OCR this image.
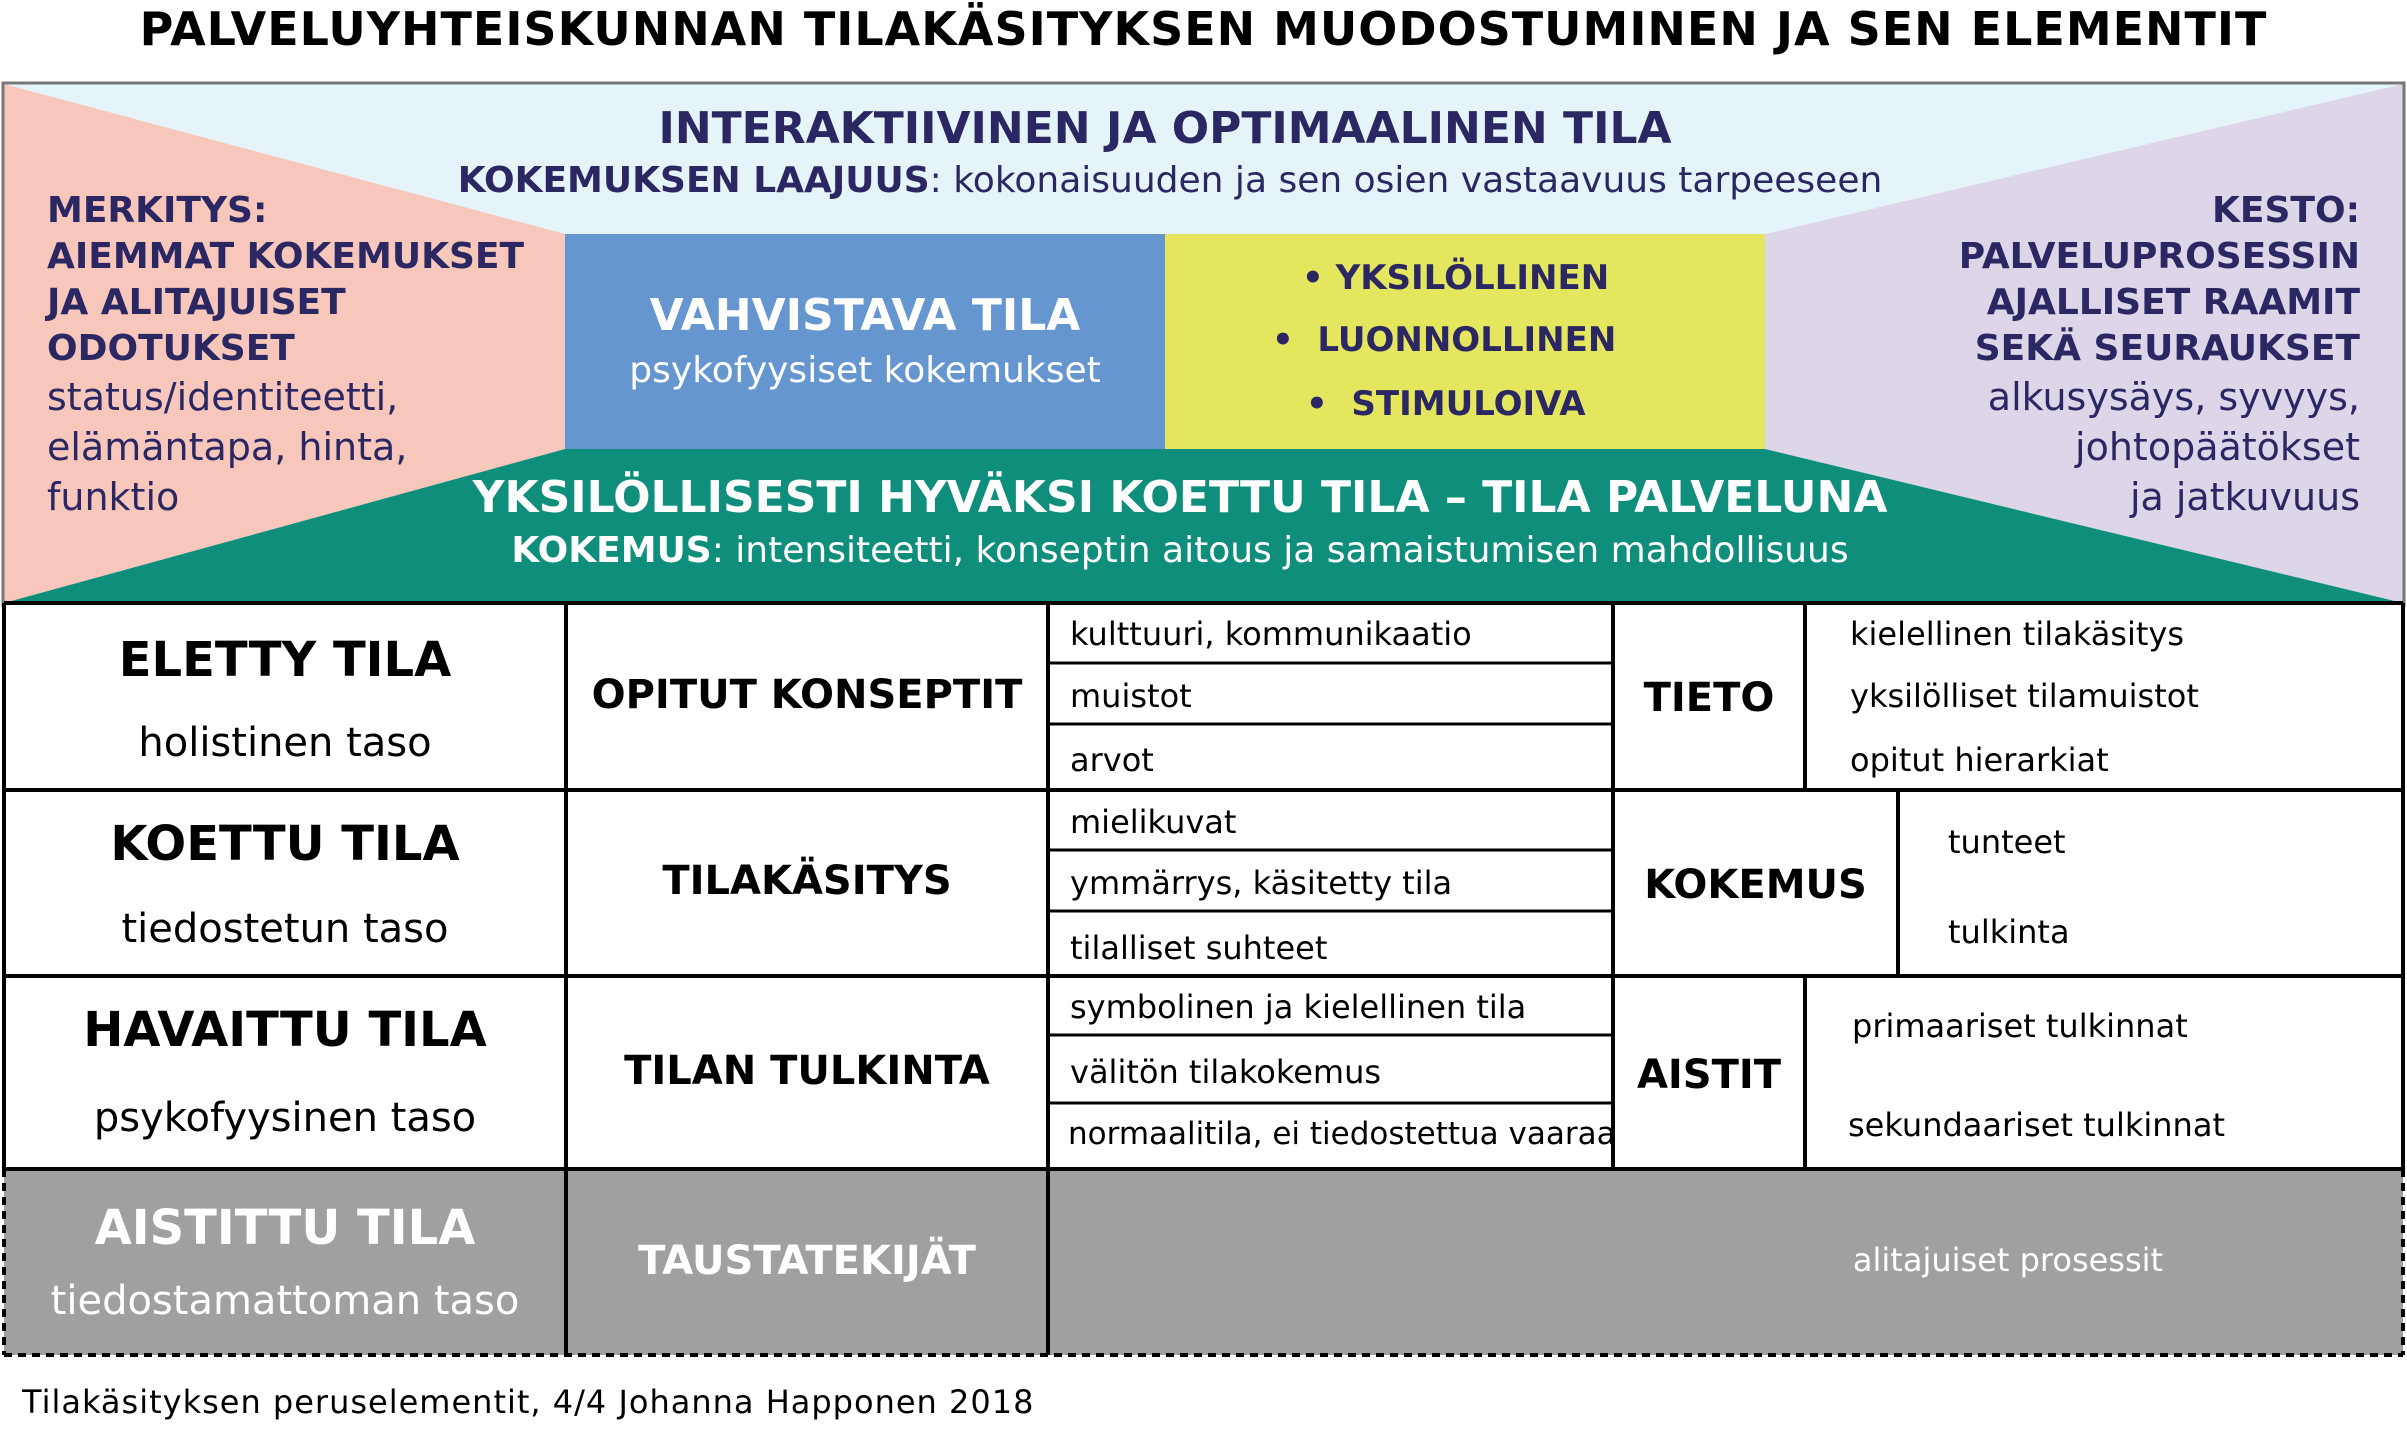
PALVELUYHTEISKUNNAN TILAKÄSITYKSEN MUODOSTUMINEN JA SEN ELEMENTIT
INTERAKTIIVINEN JA OPTIMAALINEN TILA
KOKEMUKSEN LAAJUUS: kokonaisuuden ja sen osien vastaavuus tarpeeseen
MERKITYS:
AIEMMAT KOKEMUKSET
JA ALITAJUISET ODOTUKSET
status/identiteetti,
elämäntapa, hinta,
funktio
KESTO:
PALVELUPROSESSIN
AJALLISET RAAMIT
SEKÄ SEURAUKSET
alkusysäys, syvyys,
johtopäätökset
ja jatkuvuus
VAHVISTAVA TILA
psykofyysiset kokemukset
• YKSILÖLLINEN
• LUONNOLLINEN
• STIMULOIVA
YKSILÖLLISESTI HYVÄKSI KOETTU TILA – TILA PALVELUNA
KOKEMUS: intensiteetti, konseptin aitous ja samaistumisen mahdollisuus
ELETTY TILA
holistinen taso
OPITUT KONSEPTIT
kulttuuri, kommunikaatio
muistot
arvot
TIETO
kielellinen tilakäsitys
yksilölliset tilamuistot
opitut hierarkiat
KOETTU TILA
tiedostetun taso
TILAKÄSITYS
mielikuvat
ymmärrys, käsitetty tila
tilalliset suhteet
KOKEMUS
tunteet
tulkinta
HAVAITTU TILA
psykofyysinen taso
TILAN TULKINTA
symbolinen ja kielellinen tila
välitön tilakokemus
normaalitila, ei tiedostettua vaaraa
AISTIT
primaariset tulkinnat
sekundaariset tulkinnat
AISTITTU TILA
tiedostamattoman taso
TAUSTATEKIJÄT	alitajuiset prosessit
Tilakäsityksen peruselementit, 4/4 Johanna Happonen 2018
